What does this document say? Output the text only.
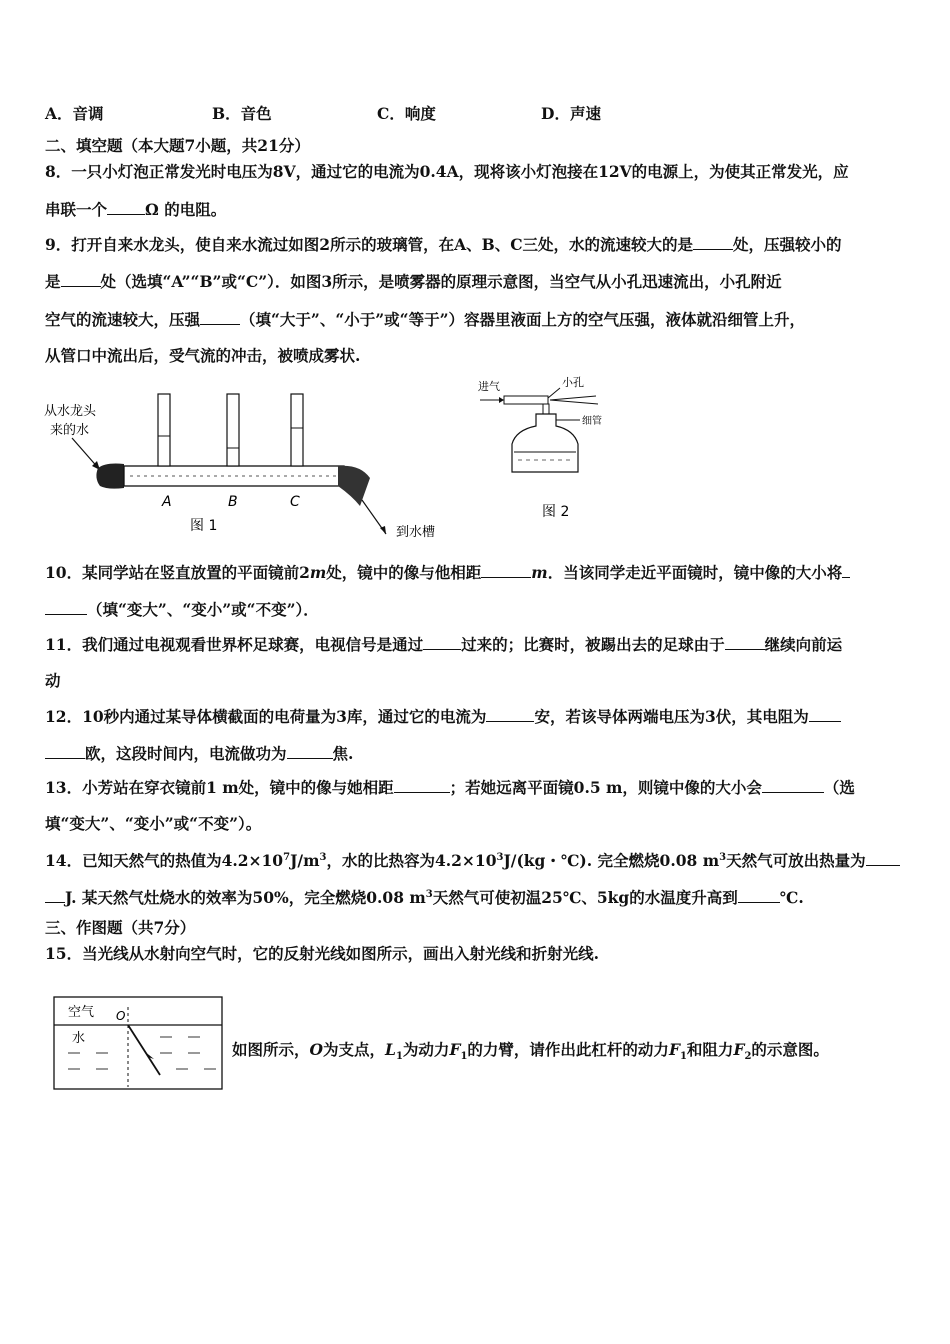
A．音调	B．音色	C．响度	D．声速
二、填空题（本大题7小题，共21分）
8．一只小灯泡正常发光时电压为8V，通过它的电流为0.4A，现将该小灯泡接在12V的电源上，为使其正常发光，应
串联一个 Ω 的电阻。
9．打开自来水龙头，使自来水流过如图2所示的玻璃管，在A、B、C三处，水的流速较大的是	处，压强较小的
是	处（选填“A”“B”或“C”）．如图3所示，是喷雾器的原理示意图，当空气从小孔迅速流出，小孔附近
空气的流速较大，压强	（填“大于”、“小于”或“等于”）容器里液面上方的空气压强，液体就沿细管上升，
从管口中流出后，受气流的冲击，被喷成雾状.
从水龙头
来的水
A	B	C
到水槽
图 1
进气	小孔
细管
图 2
10．某同学站在竖直放置的平面镜前2m处，镜中的像与他相距	m．当该同学走近平面镜时，镜中像的大小将
（填“变大”、“变小”或“不变”）．
11．我们通过电视观看世界杯足球赛，电视信号是通过 过来的；比赛时，被踢出去的足球由于	继续向前运
动
12．10秒内通过某导体横截面的电荷量为3库，通过它的电流为	安，若该导体两端电压为3伏，其电阻为
欧，这段时间内，电流做功为	焦.
13．小芳站在穿衣镜前1 m处，镜中的像与她相距	；若她远离平面镜0.5 m，则镜中像的大小会	（选
填“变大”、“变小”或“不变”）。
14．已知天然气的热值为$4.2\times 10^7J/m^3$，水的比热容为$4.2\times 10^3J/(kg$・℃). 完全燃烧0.08 $m^3$天然气可放出热量为
J. 某天然气灶烧水的效率为50%，完全燃烧0.08 $m^3$天然气可使初温25℃、5kg的水温度升高到	℃.
三、作图题（共7分）
15．当光线从水射向空气时，它的反射光线如图所示，画出入射光线和折射光线.
空气
水
O
如图所示，O为支点，$L_1$为动力$F_1$的力臂，请作出此杠杆的动力$F_1$和阻力$F_2$的示意图。
